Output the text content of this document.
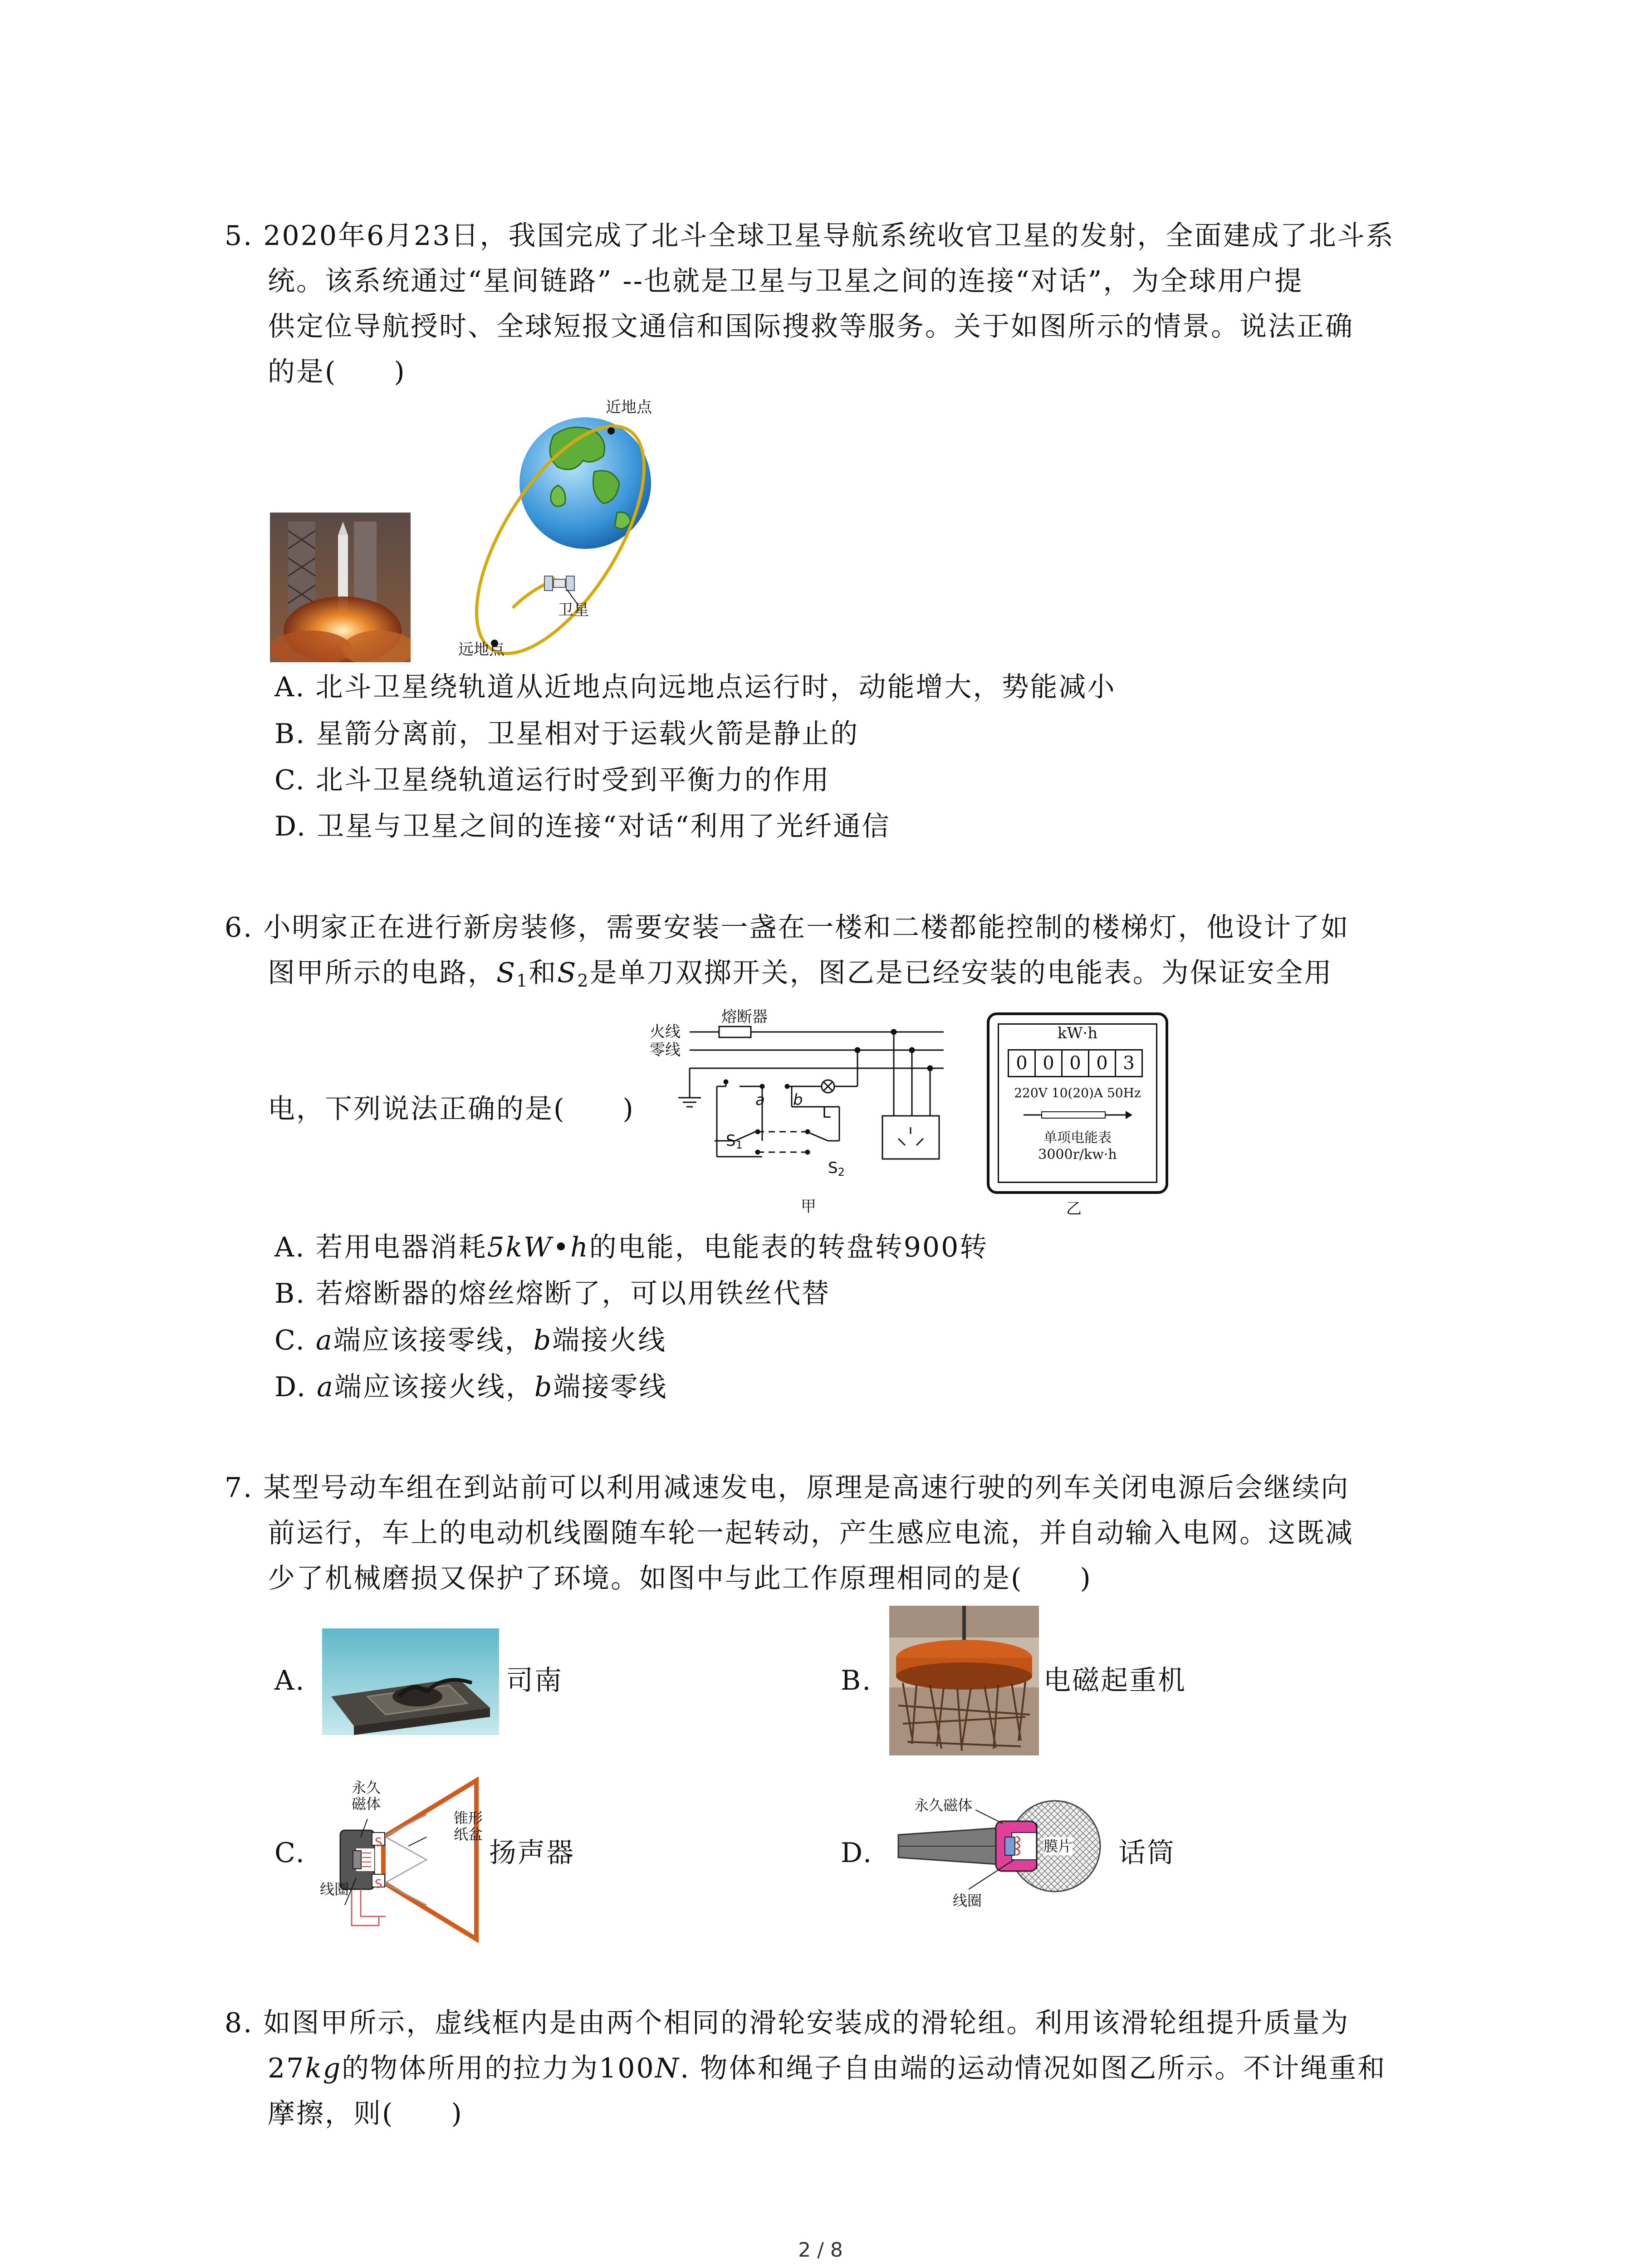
5. 2020年6月23日，我国完成了北斗全球卫星导航系统收官卫星的发射，全面建成了北斗系
统。该系统通过“星间链路” --也就是卫星与卫星之间的连接“对话”，为全球用户提
供定位导航授时、全球短报文通信和国际搜救等服务。关于如图所示的情景。说法正确
的是(　　)
近地点
卫星
远地点
A. 北斗卫星绕轨道从近地点向远地点运行时，动能增大，势能减小
B. 星箭分离前，卫星相对于运载火箭是静止的
C. 北斗卫星绕轨道运行时受到平衡力的作用
D. 卫星与卫星之间的连接“对话“利用了光纤通信
6. 小明家正在进行新房装修，需要安装一盏在一楼和二楼都能控制的楼梯灯，他设计了如
图甲所示的电路，$S_1$和$S_2$是单刀双掷开关，图乙是已经安装的电能表。为保证安全用
电，下列说法正确的是(　　)
火线
零线
熔断器
a b
L
$S_1$
$S_2$
甲
kW·h
0 0 0 0 3
220V 10(20)A 50Hz
单项电能表
3000r/kw·h
乙
A. 若用电器消耗5kW•h的电能，电能表的转盘转900转
B. 若熔断器的熔丝熔断了，可以用铁丝代替
C. a端应该接零线，b端接火线
D. a端应该接火线，b端接零线
7. 某型号动车组在到站前可以利用减速发电，原理是高速行驶的列车关闭电源后会继续向
前运行，车上的电动机线圈随车轮一起转动，产生感应电流，并自动输入电网。这既减
少了机械磨损又保护了环境。如图中与此工作原理相同的是(　　)
A.	司南	B.	电磁起重机
C.
永久
磁体
锥形
纸盆
线圈
S
S
扬声器	D.
永久磁体
膜片
线圈
话筒
8. 如图甲所示，虚线框内是由两个相同的滑轮安装成的滑轮组。利用该滑轮组提升质量为
27kg的物体所用的拉力为100N. 物体和绳子自由端的运动情况如图乙所示。不计绳重和
摩擦，则(　　)
2 / 8
